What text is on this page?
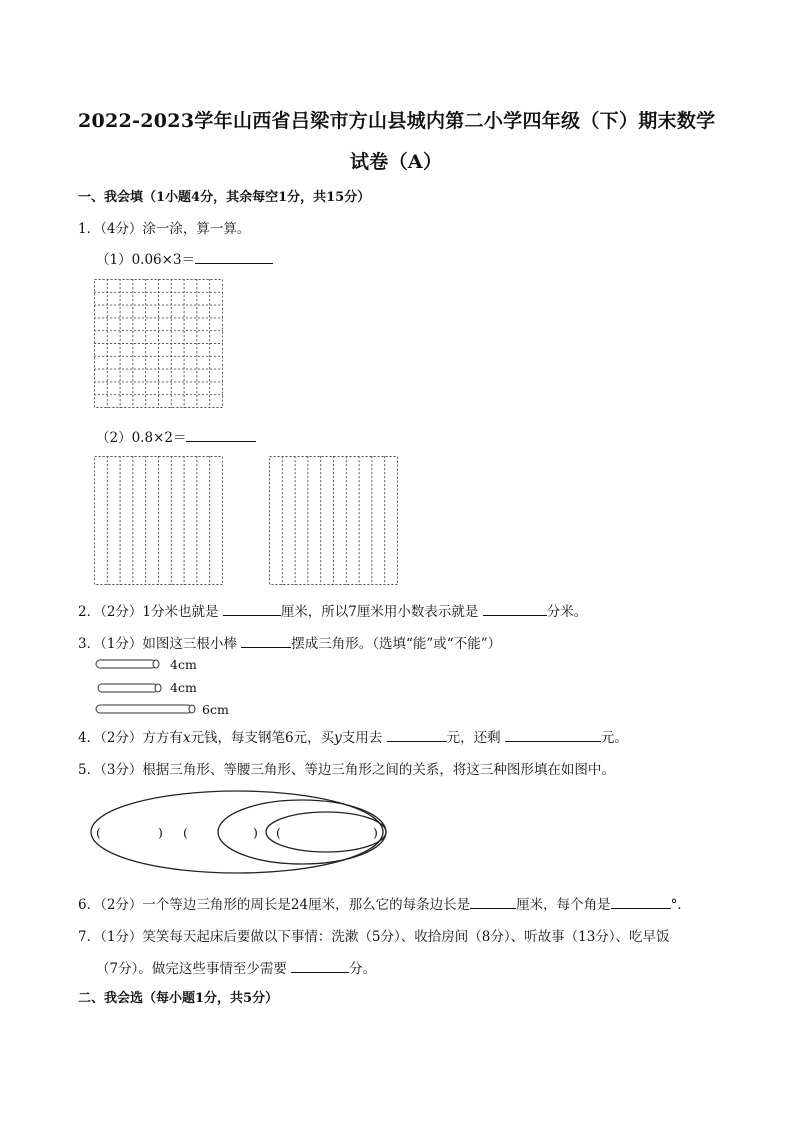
2022-2023学年山西省吕梁市方山县城内第二小学四年级（下）期末数学
试卷（A）
一、我会填（1小题4分，其余每空1分，共15分）
1．（4分）涂一涂，算一算。
（1）0.06×3＝
（2）0.8×2＝
2．（2分）1分米也就是	厘米，所以7厘米用小数表示就是	分米。
3．（1分）如图这三根小棒	摆成三角形。（选填“能”或“不能”）
4cm
4cm
6cm
4．（2分）方方有x元钱，每支钢笔6元，买y支用去	元，还剩	元。
5．（3分）根据三角形、等腰三角形、等边三角形之间的关系，将这三种图形填在如图中。
(	) (	) (	)
6．（2分）一个等边三角形的周长是24厘米，那么它的每条边长是	厘米，每个角是	°．
7．（1分）笑笑每天起床后要做以下事情：洗漱（5分）、收拾房间（8分）、听故事（13分）、吃早饭
（7分）。做完这些事情至少需要	分。
二、我会选（每小题1分，共5分）
